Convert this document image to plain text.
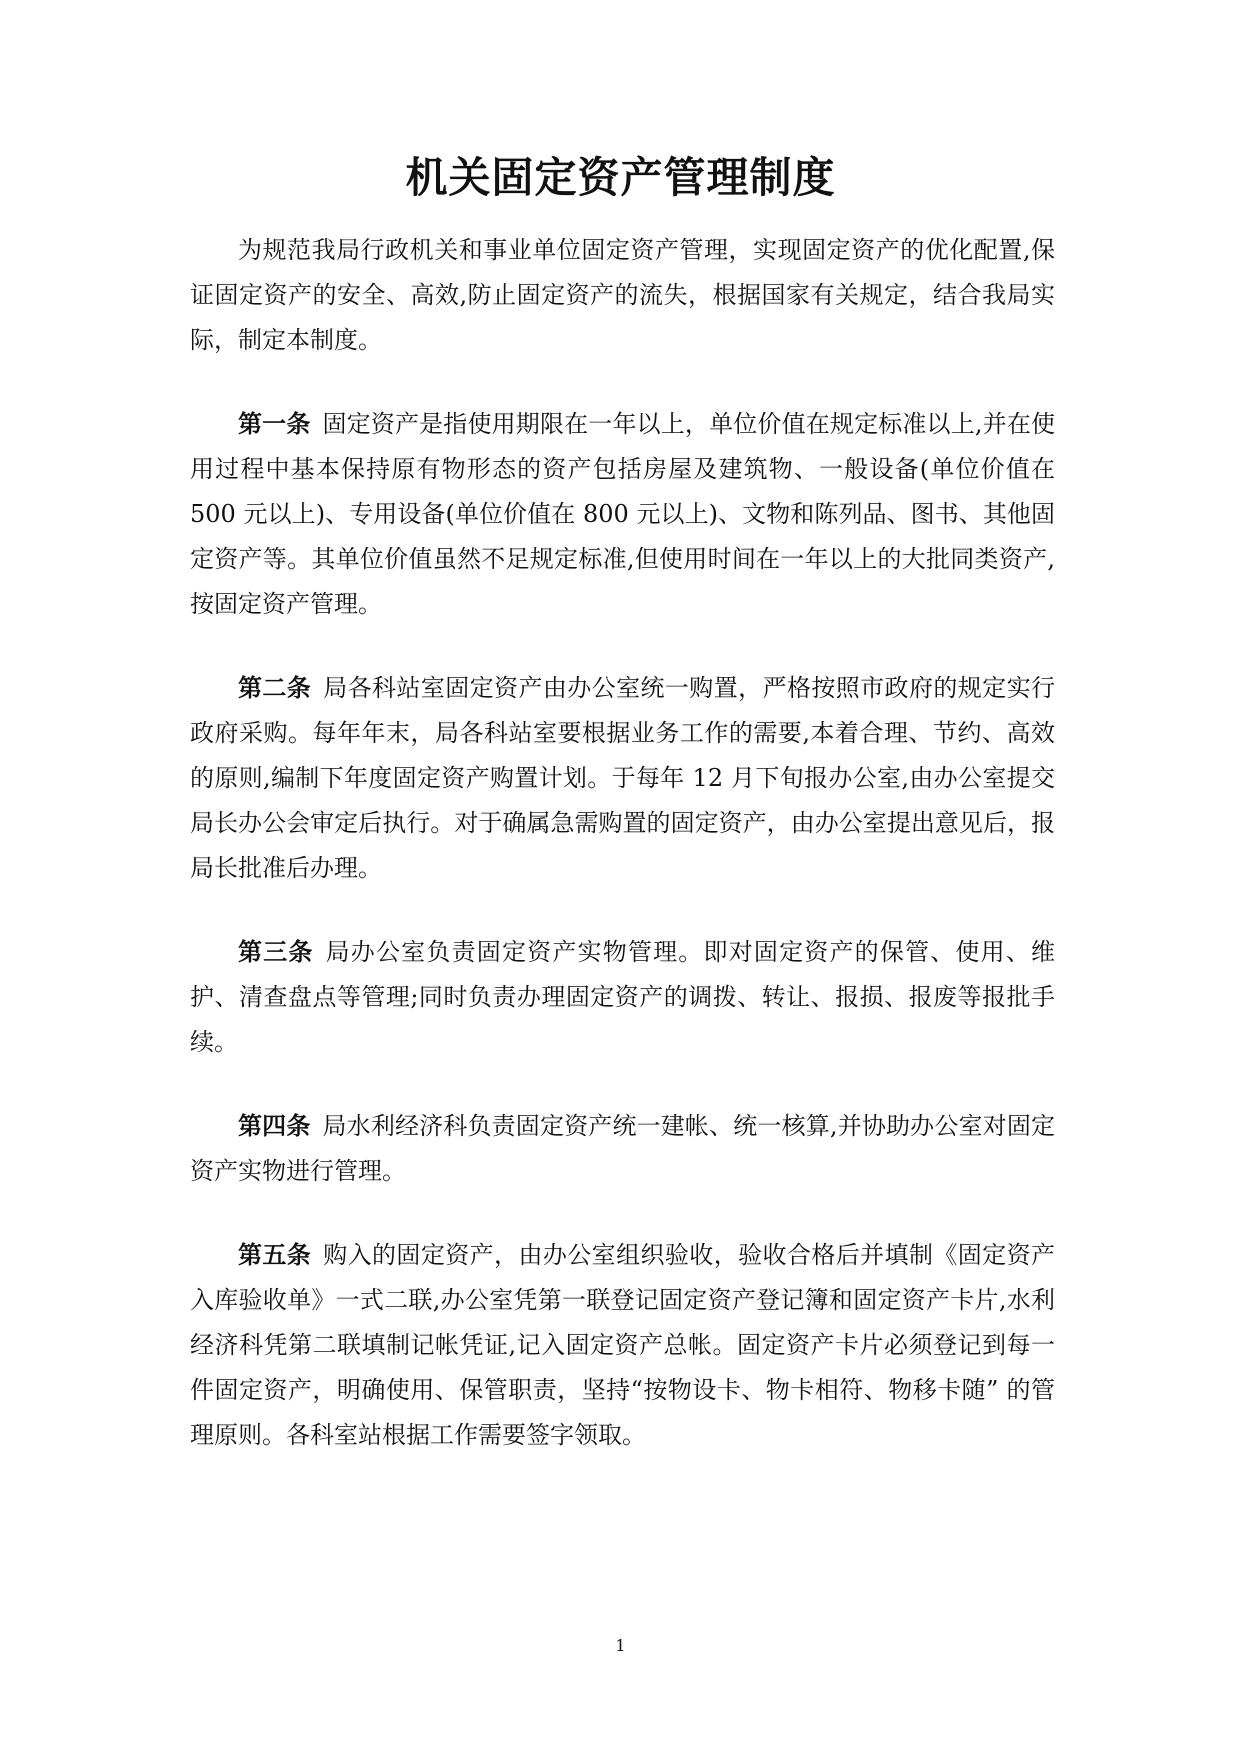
机关固定资产管理制度

为规范我局行政机关和事业单位固定资产管理，实现固定资产的优化配置,保证固定资产的安全、高效,防止固定资产的流失，根据国家有关规定，结合我局实际，制定本制度。

第一条 固定资产是指使用期限在一年以上，单位价值在规定标准以上,并在使用过程中基本保持原有物形态的资产包括房屋及建筑物、一般设备(单位价值在 500 元以上)、专用设备(单位价值在 800 元以上)、文物和陈列品、图书、其他固定资产等。其单位价值虽然不足规定标准,但使用时间在一年以上的大批同类资产,按固定资产管理。

第二条 局各科站室固定资产由办公室统一购置，严格按照市政府的规定实行政府采购。每年年末，局各科站室要根据业务工作的需要,本着合理、节约、高效的原则,编制下年度固定资产购置计划。于每年 12 月下旬报办公室,由办公室提交局长办公会审定后执行。对于确属急需购置的固定资产，由办公室提出意见后，报局长批准后办理。

第三条 局办公室负责固定资产实物管理。即对固定资产的保管、使用、维护、清查盘点等管理;同时负责办理固定资产的调拨、转让、报损、报废等报批手续。

第四条 局水利经济科负责固定资产统一建帐、统一核算,并协助办公室对固定资产实物进行管理。

第五条 购入的固定资产，由办公室组织验收，验收合格后并填制《固定资产入库验收单》一式二联,办公室凭第一联登记固定资产登记簿和固定资产卡片,水利经济科凭第二联填制记帐凭证,记入固定资产总帐。固定资产卡片必须登记到每一件固定资产，明确使用、保管职责，坚持“按物设卡、物卡相符、物移卡随” 的管理原则。各科室站根据工作需要签字领取。

1
